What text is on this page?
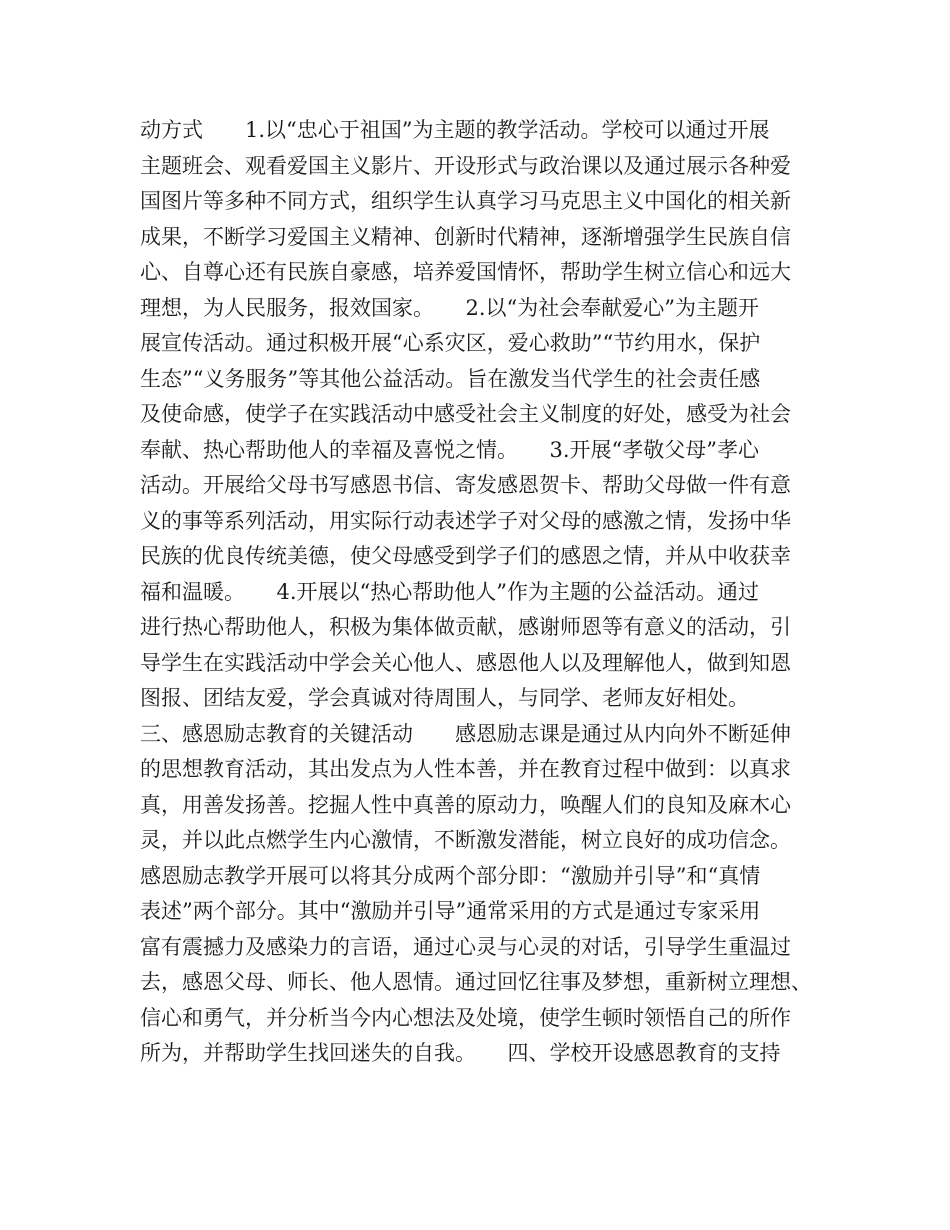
动方式　　1.以“忠心于祖国”为主题的教学活动。学校可以通过开展
主题班会、观看爱国主义影片、开设形式与政治课以及通过展示各种爱
国图片等多种不同方式，组织学生认真学习马克思主义中国化的相关新
成果，不断学习爱国主义精神、创新时代精神，逐渐增强学生民族自信
心、自尊心还有民族自豪感，培养爱国情怀，帮助学生树立信心和远大
理想，为人民服务，报效国家。　　2.以“为社会奉献爱心”为主题开
展宣传活动。通过积极开展“心系灾区，爱心救助”“节约用水，保护
生态”“义务服务”等其他公益活动。旨在激发当代学生的社会责任感
及使命感，使学子在实践活动中感受社会主义制度的好处，感受为社会
奉献、热心帮助他人的幸福及喜悦之情。　　3.开展“孝敬父母”孝心
活动。开展给父母书写感恩书信、寄发感恩贺卡、帮助父母做一件有意
义的事等系列活动，用实际行动表述学子对父母的感激之情，发扬中华
民族的优良传统美德，使父母感受到学子们的感恩之情，并从中收获幸
福和温暖。　　4.开展以“热心帮助他人”作为主题的公益活动。通过
进行热心帮助他人，积极为集体做贡献，感谢师恩等有意义的活动，引
导学生在实践活动中学会关心他人、感恩他人以及理解他人，做到知恩
图报、团结友爱，学会真诚对待周围人，与同学、老师友好相处。
三、感恩励志教育的关键活动　　感恩励志课是通过从内向外不断延伸
的思想教育活动，其出发点为人性本善，并在教育过程中做到：以真求
真，用善发扬善。挖掘人性中真善的原动力，唤醒人们的良知及麻木心
灵，并以此点燃学生内心激情，不断激发潜能，树立良好的成功信念。
感恩励志教学开展可以将其分成两个部分即：“激励并引导”和“真情
表述”两个部分。其中“激励并引导”通常采用的方式是通过专家采用
富有震撼力及感染力的言语，通过心灵与心灵的对话，引导学生重温过
去，感恩父母、师长、他人恩情。通过回忆往事及梦想，重新树立理想、
信心和勇气，并分析当今内心想法及处境，使学生顿时领悟自己的所作
所为，并帮助学生找回迷失的自我。　　四、学校开设感恩教育的支持
